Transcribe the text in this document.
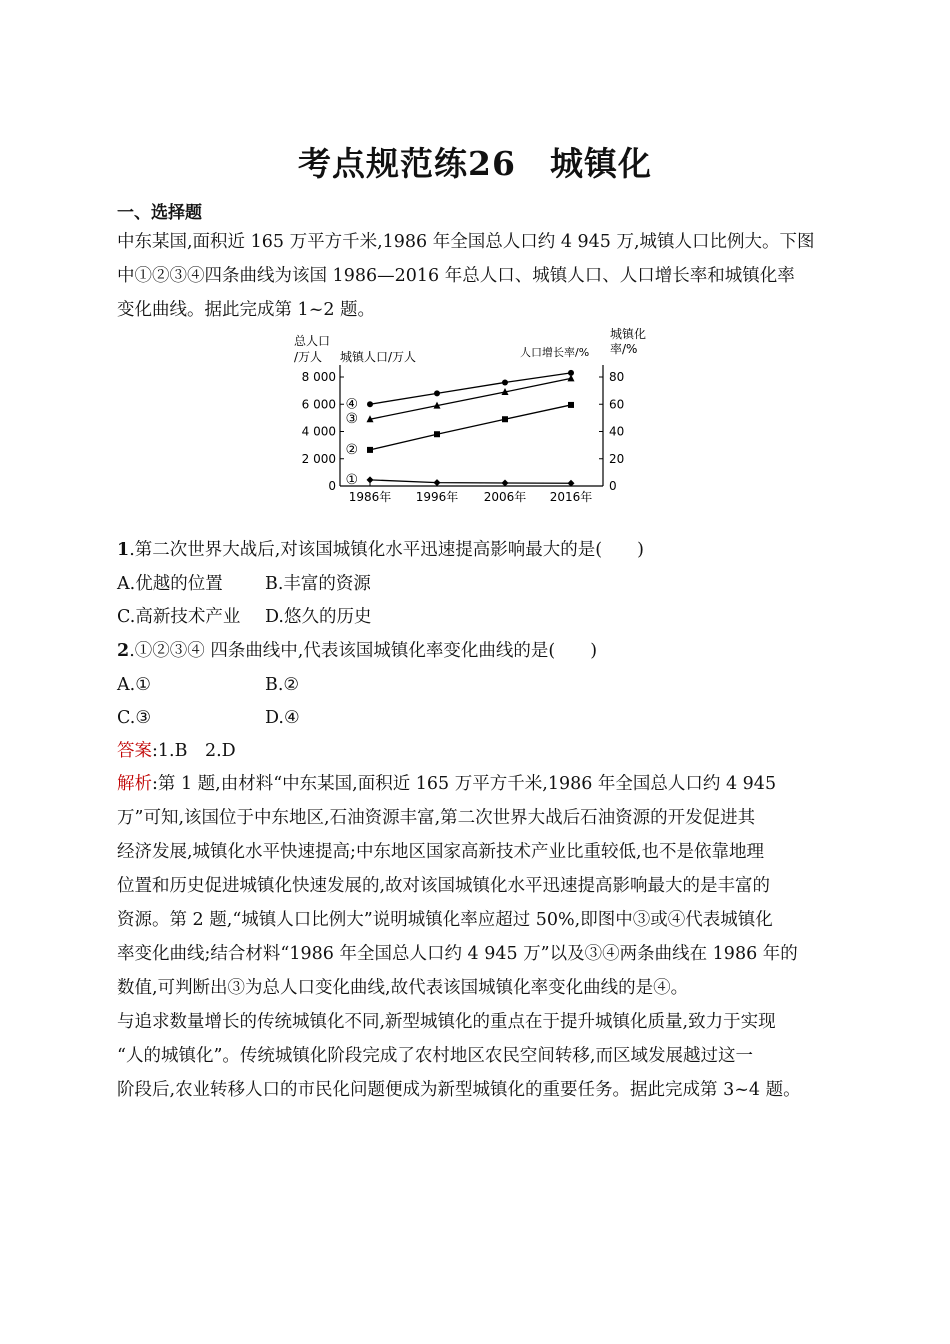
考点规范练26　城镇化
一、选择题
中东某国,面积近 165 万平方千米,1986 年全国总人口约 4 945 万,城镇人口比例大。下图
中①②③④四条曲线为该国 1986—2016 年总人口、城镇人口、人口增长率和城镇化率
变化曲线。据此完成第 1~2 题。
总人口
/万人 城镇人口/万人	人口增长率/%
城镇化
率/%
0
2 000
4 000
6 000
8 000
0
20
40
60
80
1986年 1996年 2006年 2016年
①
②
③
④
1.第二次世界大战后,对该国城镇化水平迅速提高影响最大的是(　　)
A.优越的位置 B.丰富的资源
C.高新技术产业 D.悠久的历史
2.①②③④ 四条曲线中,代表该国城镇化率变化曲线的是(　　)
A.①	B.②
C.③	D.④
答案:1.B　2.D
解析:第 1 题,由材料“中东某国,面积近 165 万平方千米,1986 年全国总人口约 4 945
万”可知,该国位于中东地区,石油资源丰富,第二次世界大战后石油资源的开发促进其
经济发展,城镇化水平快速提高;中东地区国家高新技术产业比重较低,也不是依靠地理
位置和历史促进城镇化快速发展的,故对该国城镇化水平迅速提高影响最大的是丰富的
资源。第 2 题,“城镇人口比例大”说明城镇化率应超过 50%,即图中③或④代表城镇化
率变化曲线;结合材料“1986 年全国总人口约 4 945 万”以及③④两条曲线在 1986 年的
数值,可判断出③为总人口变化曲线,故代表该国城镇化率变化曲线的是④。
与追求数量增长的传统城镇化不同,新型城镇化的重点在于提升城镇化质量,致力于实现
“人的城镇化”。传统城镇化阶段完成了农村地区农民空间转移,而区域发展越过这一
阶段后,农业转移人口的市民化问题便成为新型城镇化的重要任务。据此完成第 3~4 题。
